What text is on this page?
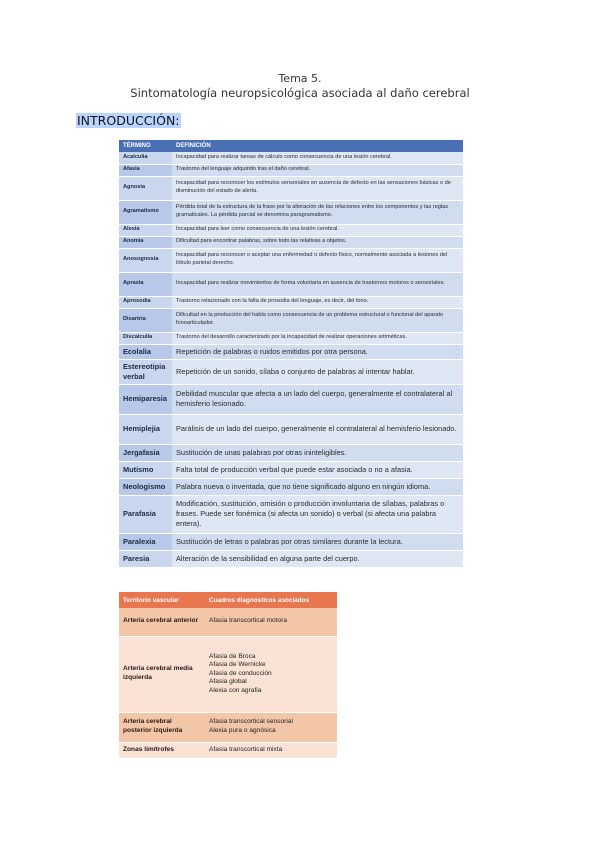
Tema 5.
Sintomatología neuropsicológica asociada al daño cerebral
INTRODUCCIÓN:
TÉRMINO	DEFINICIÓN
Acalculia	Incapacidad para realizar tareas de cálculo como consecuencia de una lesión cerebral.
Afasia	Trastorno del lenguaje adquirido tras el daño cerebral.
Agnosia	Incapacidad para reconocer los estímulos sensoriales en ausencia de defecto en las sensaciones básicas o de disminución del estado de alerta.
Agramatismo	Pérdida total de la estructura de la frase por la alteración de las relaciones entre los componentes y las reglas gramaticales. La pérdida parcial se denomina paragramatismo.
Alexia	Incapacidad para leer como consecuencia de una lesión cerebral.
Anomia	Dificultad para encontrar palabras, sobre todo las relativas a objetos.
Anosognosia	Incapacidad para reconocer o aceptar una enfermedad o defecto físico, normalmente asociada a lesiones del lóbulo parietal derecho.
Apraxia	Incapacidad para realizar movimientos de forma voluntaria en ausencia de trastornos motores o sensoriales.
Aprosodia	Trastorno relacionado con la falta de prosodia del lenguaje, es decir, del tono.
Disartria	Dificultad en la producción del habla como consecuencia de un problema estructural o funcional del aparato fonoarticulador.
Discalculia	Trastorno del desarrollo caracterizado por la incapacidad de realizar operaciones aritméticas.
Ecolalia	Repetición de palabras o ruidos emitidos por otra persona.
Estereotipia verbal	Repetición de un sonido, sílaba o conjunto de palabras al intentar hablar.
Hemiparesia	Debilidad muscular que afecta a un lado del cuerpo, generalmente el contralateral al hemisferio lesionado.
Hemiplejia	Parálisis de un lado del cuerpo, generalmente el contralateral al hemisferio lesionado.
Jergafasia	Sustitución de unas palabras por otras ininteligibles.
Mutismo	Falta total de producción verbal que puede estar asociada o no a afasia.
Neologismo	Palabra nueva o inventada, que no tiene significado alguno en ningún idioma.
Parafasia	Modificación, sustitución, omisión o producción involuntaria de sílabas, palabras o frases. Puede ser fonémica (si afecta un sonido) o verbal (si afecta una palabra entera).
Paralexia	Sustitución de letras o palabras por otras similares durante la lectura.
Paresia	Alteración de la sensibilidad en alguna parte del cuerpo.
Territorio vascular	Cuadros diagnósticos asociados
Arteria cerebral anterior	Afasia transcortical motora

Arteria cerebral media izquierda	Afasia de Broca
Afasia de Wernicke
Afasia de conducción
Afasia global
Alexia con agrafia

Arteria cerebral posterior izquierda	Afasia transcortical sensorial
Alexia pura o agnósica

Zonas limítrofes	Afasia transcortical mixta
